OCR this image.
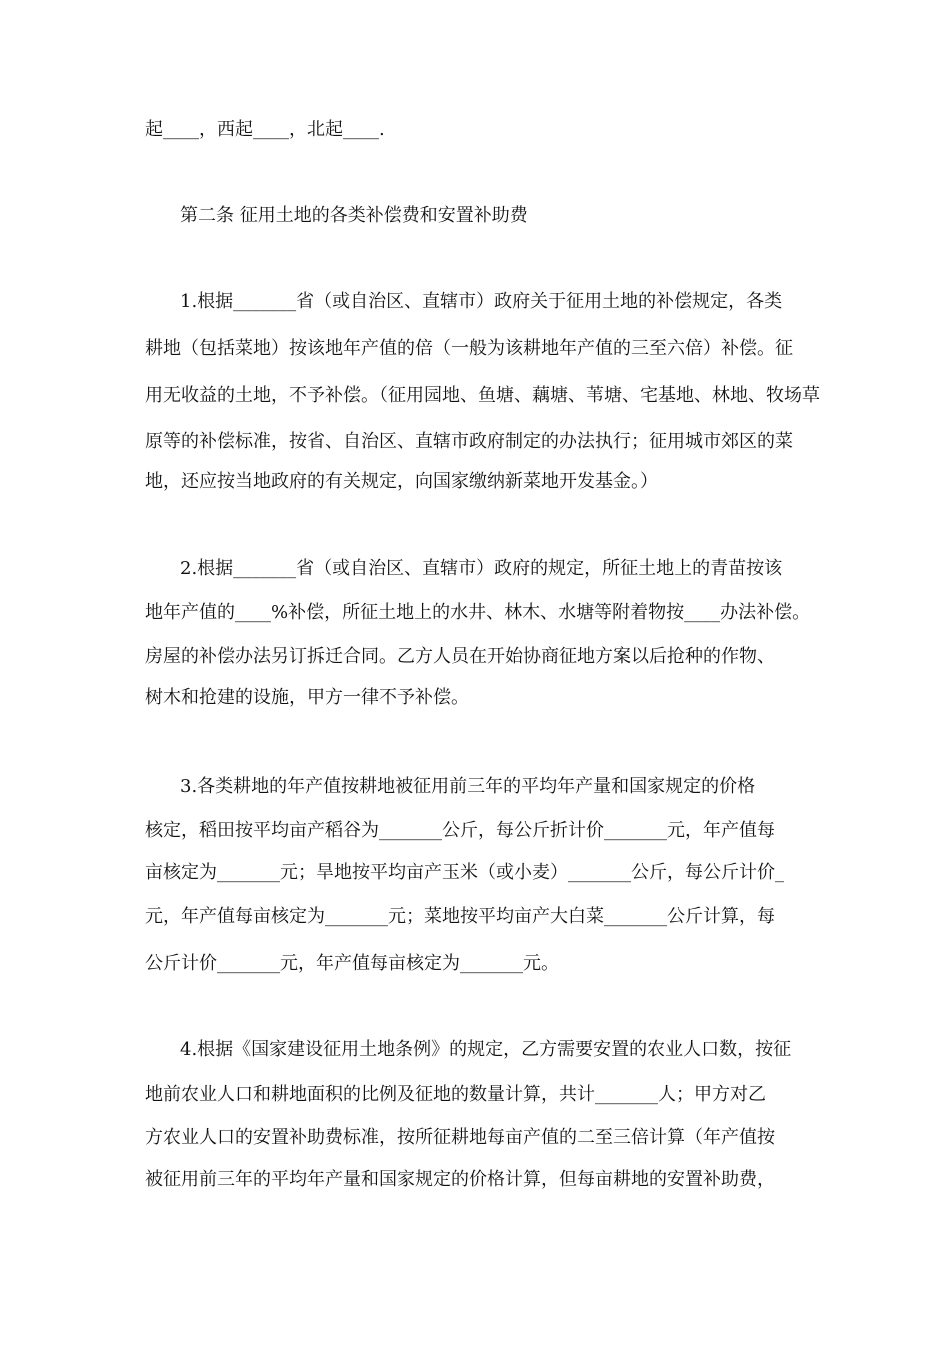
起____，西起____，北起____.
第二条 征用土地的各类补偿费和安置补助费
1.根据_______省（或自治区、直辖市）政府关于征用土地的补偿规定，各类
耕地（包括菜地）按该地年产值的倍（一般为该耕地年产值的三至六倍）补偿。征
用无收益的土地，不予补偿。（征用园地、鱼塘、藕塘、苇塘、宅基地、林地、牧场草
原等的补偿标准，按省、自治区、直辖市政府制定的办法执行；征用城市郊区的菜
地，还应按当地政府的有关规定，向国家缴纳新菜地开发基金。）
2.根据_______省（或自治区、直辖市）政府的规定，所征土地上的青苗按该
地年产值的____%补偿，所征土地上的水井、林木、水塘等附着物按____办法补偿。
房屋的补偿办法另订拆迁合同。乙方人员在开始协商征地方案以后抢种的作物、
树木和抢建的设施，甲方一律不予补偿。
3.各类耕地的年产值按耕地被征用前三年的平均年产量和国家规定的价格
核定，稻田按平均亩产稻谷为_______公斤，每公斤折计价_______元，年产值每
亩核定为_______元；旱地按平均亩产玉米（或小麦）_______公斤，每公斤计价_
元，年产值每亩核定为_______元；菜地按平均亩产大白菜_______公斤计算，每
公斤计价_______元，年产值每亩核定为_______元。
4.根据《国家建设征用土地条例》的规定，乙方需要安置的农业人口数，按征
地前农业人口和耕地面积的比例及征地的数量计算，共计_______人；甲方对乙
方农业人口的安置补助费标准，按所征耕地每亩产值的二至三倍计算（年产值按
被征用前三年的平均年产量和国家规定的价格计算，但每亩耕地的安置补助费，
